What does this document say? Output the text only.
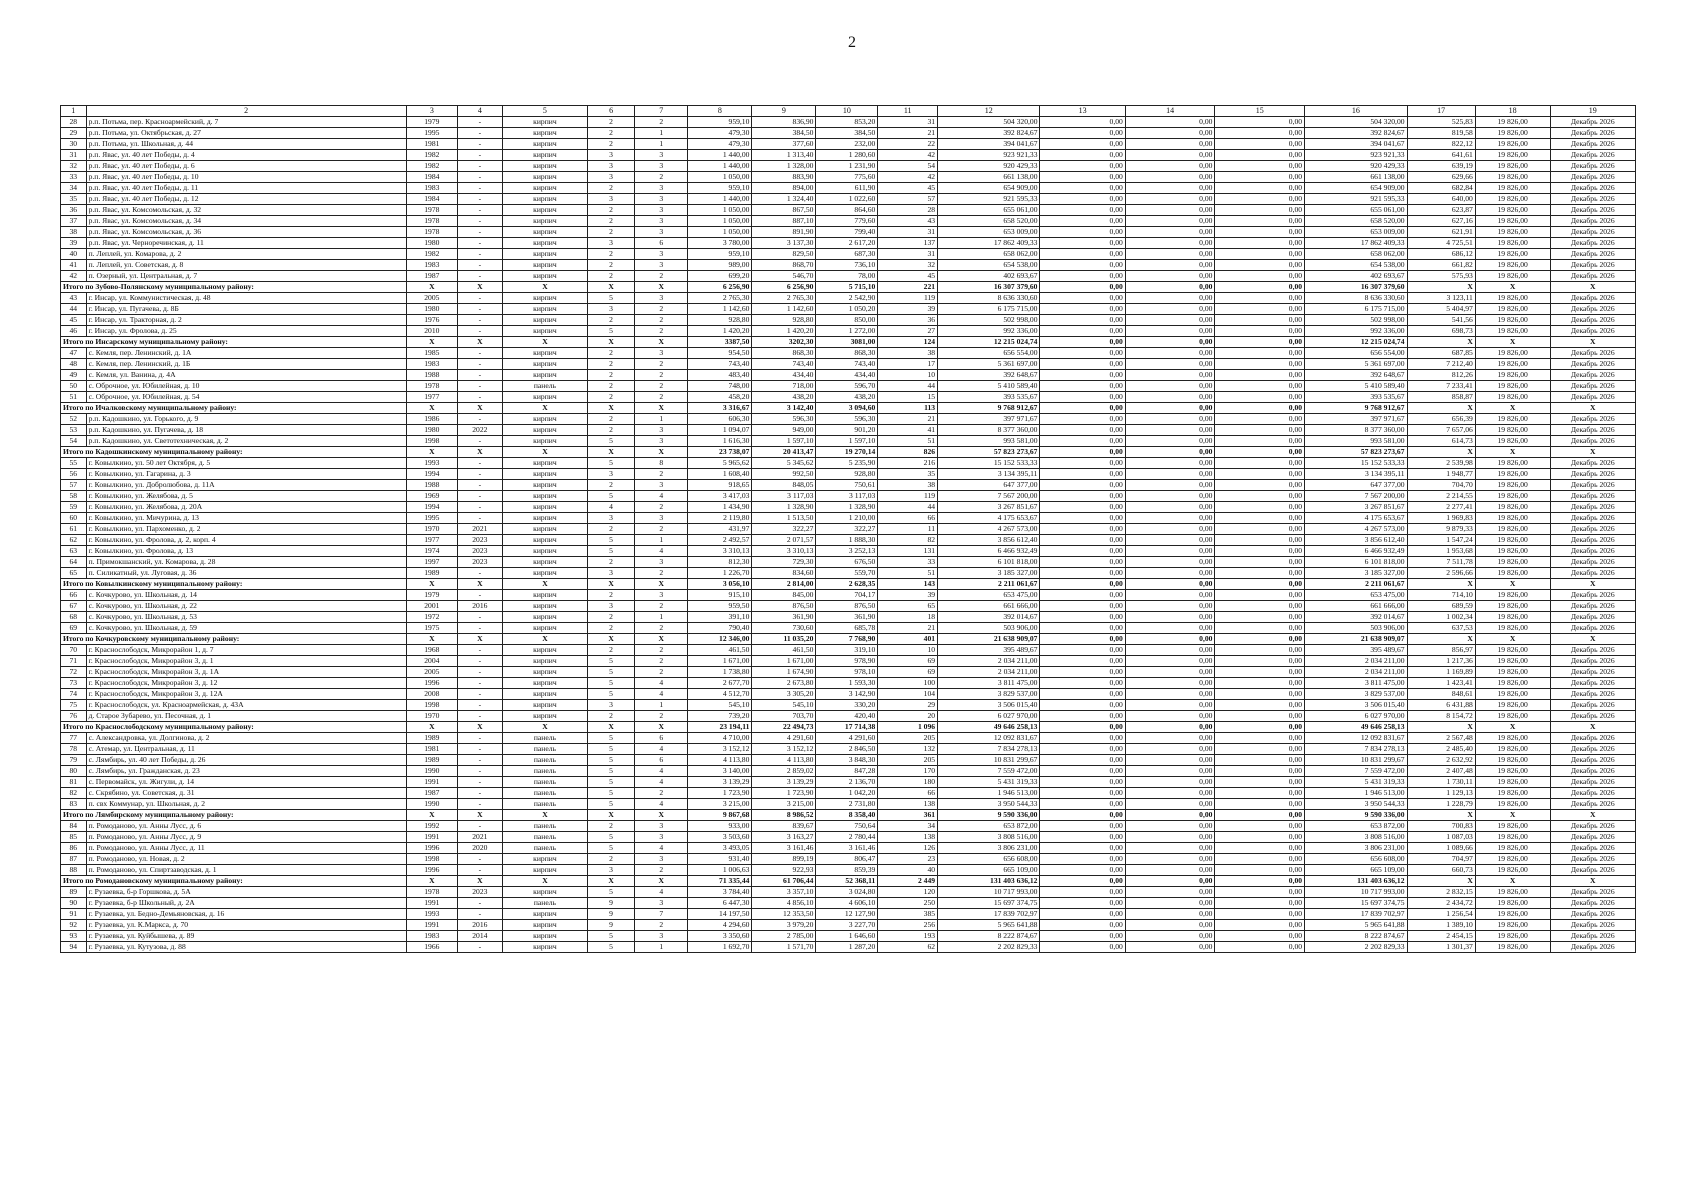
2
1	2	3	4	5	6	7	8	9	10	11	12	13	14	15	16	17	18	19
28	р.п. Потьма, пер. Красноармейский, д. 7	1979	-	кирпич	2	2	959,10	836,90	853,20	31	504 320,00	0,00	0,00	0,00	504 320,00	525,83	19 826,00	Декабрь 2026
29	р.п. Потьма, ул. Октябрьская, д. 27	1995	-	кирпич	2	1	479,30	384,50	384,50	21	392 824,67	0,00	0,00	0,00	392 824,67	819,58	19 826,00	Декабрь 2026
30	р.п. Потьма, ул. Школьная, д. 44	1981	-	кирпич	2	1	479,30	377,60	232,00	22	394 041,67	0,00	0,00	0,00	394 041,67	822,12	19 826,00	Декабрь 2026
31	р.п. Явас, ул. 40 лет Победы, д. 4	1982	-	кирпич	3	3	1 440,00	1 313,40	1 280,60	42	923 921,33	0,00	0,00	0,00	923 921,33	641,61	19 826,00	Декабрь 2026
32	р.п. Явас, ул. 40 лет Победы, д. 6	1982	-	кирпич	3	3	1 440,00	1 328,00	1 231,90	54	920 429,33	0,00	0,00	0,00	920 429,33	639,19	19 826,00	Декабрь 2026
33	р.п. Явас, ул. 40 лет Победы, д. 10	1984	-	кирпич	3	2	1 050,00	883,90	775,60	42	661 138,00	0,00	0,00	0,00	661 138,00	629,66	19 826,00	Декабрь 2026
34	р.п. Явас, ул. 40 лет Победы, д. 11	1983	-	кирпич	2	3	959,10	894,00	611,90	45	654 909,00	0,00	0,00	0,00	654 909,00	682,84	19 826,00	Декабрь 2026
35	р.п. Явас, ул. 40 лет Победы, д. 12	1984	-	кирпич	3	3	1 440,00	1 324,40	1 022,60	57	921 595,33	0,00	0,00	0,00	921 595,33	640,00	19 826,00	Декабрь 2026
36	р.п. Явас, ул. Комсомольская, д. 32	1978	-	кирпич	2	3	1 050,00	867,50	864,60	28	655 061,00	0,00	0,00	0,00	655 061,00	623,87	19 826,00	Декабрь 2026
37	р.п. Явас, ул. Комсомольская, д. 34	1978	-	кирпич	2	3	1 050,00	887,10	779,60	43	658 520,00	0,00	0,00	0,00	658 520,00	627,16	19 826,00	Декабрь 2026
38	р.п. Явас, ул. Комсомольская, д. 36	1978	-	кирпич	2	3	1 050,00	891,90	799,40	31	653 009,00	0,00	0,00	0,00	653 009,00	621,91	19 826,00	Декабрь 2026
39	р.п. Явас, ул. Черноречинская, д. 11	1980	-	кирпич	3	6	3 780,00	3 137,30	2 617,20	137	17 862 409,33	0,00	0,00	0,00	17 862 409,33	4 725,51	19 826,00	Декабрь 2026
40	п. Леплей, ул. Комарова, д. 2	1982	-	кирпич	2	3	959,10	829,50	687,30	31	658 062,00	0,00	0,00	0,00	658 062,00	686,12	19 826,00	Декабрь 2026
41	п. Леплей, ул. Советская, д. 8	1983	-	кирпич	2	3	989,00	868,70	736,10	32	654 538,00	0,00	0,00	0,00	654 538,00	661,82	19 826,00	Декабрь 2026
42	п. Озерный, ул. Центральная, д. 7	1987	-	кирпич	2	2	699,20	546,70	78,00	45	402 693,67	0,00	0,00	0,00	402 693,67	575,93	19 826,00	Декабрь 2026
Итого по Зубово-Полянскому муниципальному району:		X	X	X	X	X	6 256,90	6 256,90	5 715,10	221	16 307 379,60	0,00	0,00	0,00	16 307 379,60	X	X	X
43	г. Инсар, ул. Коммунистическая, д. 48	2005	-	кирпич	5	3	2 765,30	2 765,30	2 542,90	119	8 636 330,60	0,00	0,00	0,00	8 636 330,60	3 123,11	19 826,00	Декабрь 2026
44	г. Инсар, ул. Пугачева, д. 8Б	1980	-	кирпич	3	2	1 142,60	1 142,60	1 050,20	39	6 175 715,00	0,00	0,00	0,00	6 175 715,00	5 404,97	19 826,00	Декабрь 2026
45	г. Инсар, ул. Тракторная, д. 2	1976	-	кирпич	2	2	928,80	928,80	850,00	36	502 998,00	0,00	0,00	0,00	502 998,00	541,56	19 826,00	Декабрь 2026
46	г. Инсар, ул. Фролова, д. 25	2010	-	кирпич	5	2	1 420,20	1 420,20	1 272,00	27	992 336,00	0,00	0,00	0,00	992 336,00	698,73	19 826,00	Декабрь 2026
Итого по Инсарскому муниципальному району:		X	X	X	X	X	3387,50	3202,30	3081,00	124	12 215 024,74	0,00	0,00	0,00	12 215 024,74	X	X	X
47	с. Кемля, пер. Ленинский, д. 1А	1985	-	кирпич	2	3	954,50	868,30	868,30	38	656 554,00	0,00	0,00	0,00	656 554,00	687,85	19 826,00	Декабрь 2026
48	с. Кемля, пер. Ленинский, д. 1Б	1983	-	кирпич	2	2	743,40	743,40	743,40	17	5 361 697,00	0,00	0,00	0,00	5 361 697,00	7 212,40	19 826,00	Декабрь 2026
49	с. Кемля, ул. Ванина, д. 4А	1988	-	кирпич	2	2	483,40	434,40	434,40	10	392 648,67	0,00	0,00	0,00	392 648,67	812,26	19 826,00	Декабрь 2026
50	с. Оброчное, ул. Юбилейная, д. 10	1978	-	панель	2	2	748,00	718,00	596,70	44	5 410 589,40	0,00	0,00	0,00	5 410 589,40	7 233,41	19 826,00	Декабрь 2026
51	с. Оброчное, ул. Юбилейная, д. 54	1977	-	кирпич	2	2	458,20	438,20	438,20	15	393 535,67	0,00	0,00	0,00	393 535,67	858,87	19 826,00	Декабрь 2026
Итого по Ичалковскому муниципальному району:		X	X	X	X	X	3 316,67	3 142,40	3 094,60	113	9 768 912,67	0,00	0,00	0,00	9 768 912,67	X	X	X
52	р.п. Кадошкино, ул. Горького, д. 9	1986	-	кирпич	2	1	606,30	596,30	596,30	21	397 971,67	0,00	0,00	0,00	397 971,67	656,39	19 826,00	Декабрь 2026
53	р.п. Кадошкино, ул. Пугачева, д. 18	1980	2022	кирпич	2	3	1 094,07	949,00	901,20	41	8 377 360,00	0,00	0,00	0,00	8 377 360,00	7 657,06	19 826,00	Декабрь 2026
54	р.п. Кадошкино, ул. Светотехническая, д. 2	1998	-	кирпич	5	3	1 616,30	1 597,10	1 597,10	51	993 581,00	0,00	0,00	0,00	993 581,00	614,73	19 826,00	Декабрь 2026
Итого по Кадошкинскому муниципальному району:		X	X	X	X	X	23 738,07	20 413,47	19 270,14	826	57 823 273,67	0,00	0,00	0,00	57 823 273,67	X	X	X
55	г. Ковылкино, ул. 50 лет Октября, д. 5	1993	-	кирпич	5	8	5 965,62	5 345,62	5 235,90	216	15 152 533,33	0,00	0,00	0,00	15 152 533,33	2 539,98	19 826,00	Декабрь 2026
56	г. Ковылкино, ул. Гагарина, д. 3	1994	-	кирпич	3	2	1 608,40	992,50	928,80	35	3 134 395,11	0,00	0,00	0,00	3 134 395,11	1 948,77	19 826,00	Декабрь 2026
57	г. Ковылкино, ул. Добролюбова, д. 11А	1988	-	кирпич	2	3	918,65	848,05	750,61	38	647 377,00	0,00	0,00	0,00	647 377,00	704,70	19 826,00	Декабрь 2026
58	г. Ковылкино, ул. Желябова, д. 5	1969	-	кирпич	5	4	3 417,03	3 117,03	3 117,03	119	7 567 200,00	0,00	0,00	0,00	7 567 200,00	2 214,55	19 826,00	Декабрь 2026
59	г. Ковылкино, ул. Желябова, д. 20А	1994	-	кирпич	4	2	1 434,90	1 328,90	1 328,90	44	3 267 851,67	0,00	0,00	0,00	3 267 851,67	2 277,41	19 826,00	Декабрь 2026
60	г. Ковылкино, ул. Мичурина, д. 13	1995	-	кирпич	3	3	2 119,80	1 513,50	1 210,00	66	4 175 653,67	0,00	0,00	0,00	4 175 653,67	1 969,83	19 826,00	Декабрь 2026
61	г. Ковылкино, ул. Пархоменко, д. 2	1970	2021	кирпич	2	2	431,97	322,27	322,27	11	4 267 573,00	0,00	0,00	0,00	4 267 573,00	9 879,33	19 826,00	Декабрь 2026
62	г. Ковылкино, ул. Фролова, д. 2, корп. 4	1977	2023	кирпич	5	1	2 492,57	2 071,57	1 888,30	82	3 856 612,40	0,00	0,00	0,00	3 856 612,40	1 547,24	19 826,00	Декабрь 2026
63	г. Ковылкино, ул. Фролова, д. 13	1974	2023	кирпич	5	4	3 310,13	3 310,13	3 252,13	131	6 466 932,49	0,00	0,00	0,00	6 466 932,49	1 953,68	19 826,00	Декабрь 2026
64	п. Примокшанский, ул. Комарова, д. 28	1997	2023	кирпич	2	3	812,30	729,30	676,50	33	6 101 818,00	0,00	0,00	0,00	6 101 818,00	7 511,78	19 826,00	Декабрь 2026
65	п. Силикатный, ул. Луговая, д. 36	1989	-	кирпич	3	2	1 226,70	834,60	559,70	51	3 185 327,00	0,00	0,00	0,00	3 185 327,00	2 596,66	19 826,00	Декабрь 2026
Итого по Ковылкинскому муниципальному району:		X	X	X	X	X	3 056,10	2 814,00	2 628,35	143	2 211 061,67	0,00	0,00	0,00	2 211 061,67	X	X	X
66	с. Кочкурово, ул. Школьная, д. 14	1979	-	кирпич	2	3	915,10	845,00	704,17	39	653 475,00	0,00	0,00	0,00	653 475,00	714,10	19 826,00	Декабрь 2026
67	с. Кочкурово, ул. Школьная, д. 22	2001	2016	кирпич	3	2	959,50	876,50	876,50	65	661 666,00	0,00	0,00	0,00	661 666,00	689,59	19 826,00	Декабрь 2026
68	с. Кочкурово, ул. Школьная, д. 53	1972	-	кирпич	2	1	391,10	361,90	361,90	18	392 014,67	0,00	0,00	0,00	392 014,67	1 002,34	19 826,00	Декабрь 2026
69	с. Кочкурово, ул. Школьная, д. 59	1975	-	кирпич	2	2	790,40	730,60	685,78	21	503 906,00	0,00	0,00	0,00	503 906,00	637,53	19 826,00	Декабрь 2026
Итого по Кочкуровскому муниципальному району:		X	X	X	X	X	12 346,00	11 035,20	7 768,90	401	21 638 909,07	0,00	0,00	0,00	21 638 909,07	X	X	X
70	г. Краснослободск, Микрорайон 1, д. 7	1968	-	кирпич	2	2	461,50	461,50	319,10	10	395 489,67	0,00	0,00	0,00	395 489,67	856,97	19 826,00	Декабрь 2026
71	г. Краснослободск, Микрорайон 3, д. 1	2004	-	кирпич	5	2	1 671,00	1 671,00	978,90	69	2 034 211,00	0,00	0,00	0,00	2 034 211,00	1 217,36	19 826,00	Декабрь 2026
72	г. Краснослободск, Микрорайон 3, д. 1А	2005	-	кирпич	5	2	1 738,80	1 674,90	978,10	69	2 034 211,00	0,00	0,00	0,00	2 034 211,00	1 169,89	19 826,00	Декабрь 2026
73	г. Краснослободск, Микрорайон 3, д. 12	1996	-	кирпич	5	4	2 677,70	2 673,80	1 593,30	100	3 811 475,00	0,00	0,00	0,00	3 811 475,00	1 423,41	19 826,00	Декабрь 2026
74	г. Краснослободск, Микрорайон 3, д. 12А	2008	-	кирпич	5	4	4 512,70	3 305,20	3 142,90	104	3 829 537,00	0,00	0,00	0,00	3 829 537,00	848,61	19 826,00	Декабрь 2026
75	г. Краснослободск, ул. Красноармейская, д. 43А	1998	-	кирпич	3	1	545,10	545,10	330,20	29	3 506 015,40	0,00	0,00	0,00	3 506 015,40	6 431,88	19 826,00	Декабрь 2026
76	д. Старое Зубарево, ул. Песочная, д. 1	1970	-	кирпич	2	2	739,20	703,70	420,40	20	6 027 970,00	0,00	0,00	0,00	6 027 970,00	8 154,72	19 826,00	Декабрь 2026
Итого по Краснослободскому муниципальному району:		X	X	X	X	X	23 194,11	22 494,73	17 714,38	1 096	49 646 258,13	0,00	0,00	0,00	49 646 258,13	X	X	X
77	с. Александровка, ул. Долгинова, д. 2	1989	-	панель	5	6	4 710,00	4 291,60	4 291,60	205	12 092 831,67	0,00	0,00	0,00	12 092 831,67	2 567,48	19 826,00	Декабрь 2026
78	с. Атемар, ул. Центральная, д. 11	1981	-	панель	5	4	3 152,12	3 152,12	2 846,50	132	7 834 278,13	0,00	0,00	0,00	7 834 278,13	2 485,40	19 826,00	Декабрь 2026
79	с. Лямбирь, ул. 40 лет Победы, д. 26	1989	-	панель	5	6	4 113,80	4 113,80	3 848,30	205	10 831 299,67	0,00	0,00	0,00	10 831 299,67	2 632,92	19 826,00	Декабрь 2026
80	с. Лямбирь, ул. Гражданская, д. 23	1990	-	панель	5	4	3 140,00	2 859,02	847,28	170	7 559 472,00	0,00	0,00	0,00	7 559 472,00	2 407,48	19 826,00	Декабрь 2026
81	с. Первомайск, ул. Жигули, д. 14	1991	-	панель	5	4	3 139,29	3 139,29	2 136,70	180	5 431 319,33	0,00	0,00	0,00	5 431 319,33	1 730,11	19 826,00	Декабрь 2026
82	с. Скрябино, ул. Советская, д. 31	1987	-	панель	5	2	1 723,90	1 723,90	1 042,20	66	1 946 513,00	0,00	0,00	0,00	1 946 513,00	1 129,13	19 826,00	Декабрь 2026
83	п. свх Коммунар, ул. Школьная, д. 2	1990	-	панель	5	4	3 215,00	3 215,00	2 731,80	138	3 950 544,33	0,00	0,00	0,00	3 950 544,33	1 228,79	19 826,00	Декабрь 2026
Итого по Лямбирскому муниципальному району:		X	X	X	X	X	9 867,68	8 986,52	8 358,40	361	9 590 336,00	0,00	0,00	0,00	9 590 336,00	X	X	X
84	п. Ромоданово, ул. Анны Лусс, д. 6	1992	-	панель	2	3	933,00	839,67	750,64	34	653 872,00	0,00	0,00	0,00	653 872,00	700,83	19 826,00	Декабрь 2026
85	п. Ромоданово, ул. Анны Лусс, д. 9	1991	2021	панель	5	3	3 503,60	3 163,27	2 780,44	138	3 808 516,00	0,00	0,00	0,00	3 808 516,00	1 087,03	19 826,00	Декабрь 2026
86	п. Ромоданово, ул. Анны Лусс, д. 11	1996	2020	панель	5	4	3 493,05	3 161,46	3 161,46	126	3 806 231,00	0,00	0,00	0,00	3 806 231,00	1 089,66	19 826,00	Декабрь 2026
87	п. Ромоданово, ул. Новая, д. 2	1998	-	кирпич	2	3	931,40	899,19	806,47	23	656 608,00	0,00	0,00	0,00	656 608,00	704,97	19 826,00	Декабрь 2026
88	п. Ромоданово, ул. Спиртзаводская, д. 1	1996	-	кирпич	3	2	1 006,63	922,93	859,39	40	665 109,00	0,00	0,00	0,00	665 109,00	660,73	19 826,00	Декабрь 2026
Итого по Ромодановскому муниципальному району:		X	X	X	X	X	71 335,44	61 706,44	52 368,11	2 449	131 403 636,12	0,00	0,00	0,00	131 403 636,12	X	X	X
89	г. Рузаевка, б-р Горшкова, д. 5А	1978	2023	кирпич	5	4	3 784,40	3 357,10	3 024,80	120	10 717 993,00	0,00	0,00	0,00	10 717 993,00	2 832,15	19 826,00	Декабрь 2026
90	г. Рузаевка, б-р Школьный, д. 2А	1991	-	панель	9	3	6 447,30	4 856,10	4 606,10	250	15 697 374,75	0,00	0,00	0,00	15 697 374,75	2 434,72	19 826,00	Декабрь 2026
91	г. Рузаевка, ул. Бедно-Демьяновская, д. 16	1993	-	кирпич	9	7	14 197,50	12 353,50	12 127,90	385	17 839 702,97	0,00	0,00	0,00	17 839 702,97	1 256,54	19 826,00	Декабрь 2026
92	г. Рузаевка, ул. К.Маркса, д. 70	1991	2016	кирпич	9	2	4 294,60	3 979,20	3 227,70	256	5 965 641,88	0,00	0,00	0,00	5 965 641,88	1 389,10	19 826,00	Декабрь 2026
93	г. Рузаевка, ул. Куйбышева, д. 89	1983	2014	кирпич	5	3	3 350,60	2 785,00	1 646,60	193	8 222 874,67	0,00	0,00	0,00	8 222 874,67	2 454,15	19 826,00	Декабрь 2026
94	г. Рузаевка, ул. Кутузова, д. 88	1966	-	кирпич	5	1	1 692,70	1 571,70	1 287,20	62	2 202 829,33	0,00	0,00	0,00	2 202 829,33	1 301,37	19 826,00	Декабрь 2026
